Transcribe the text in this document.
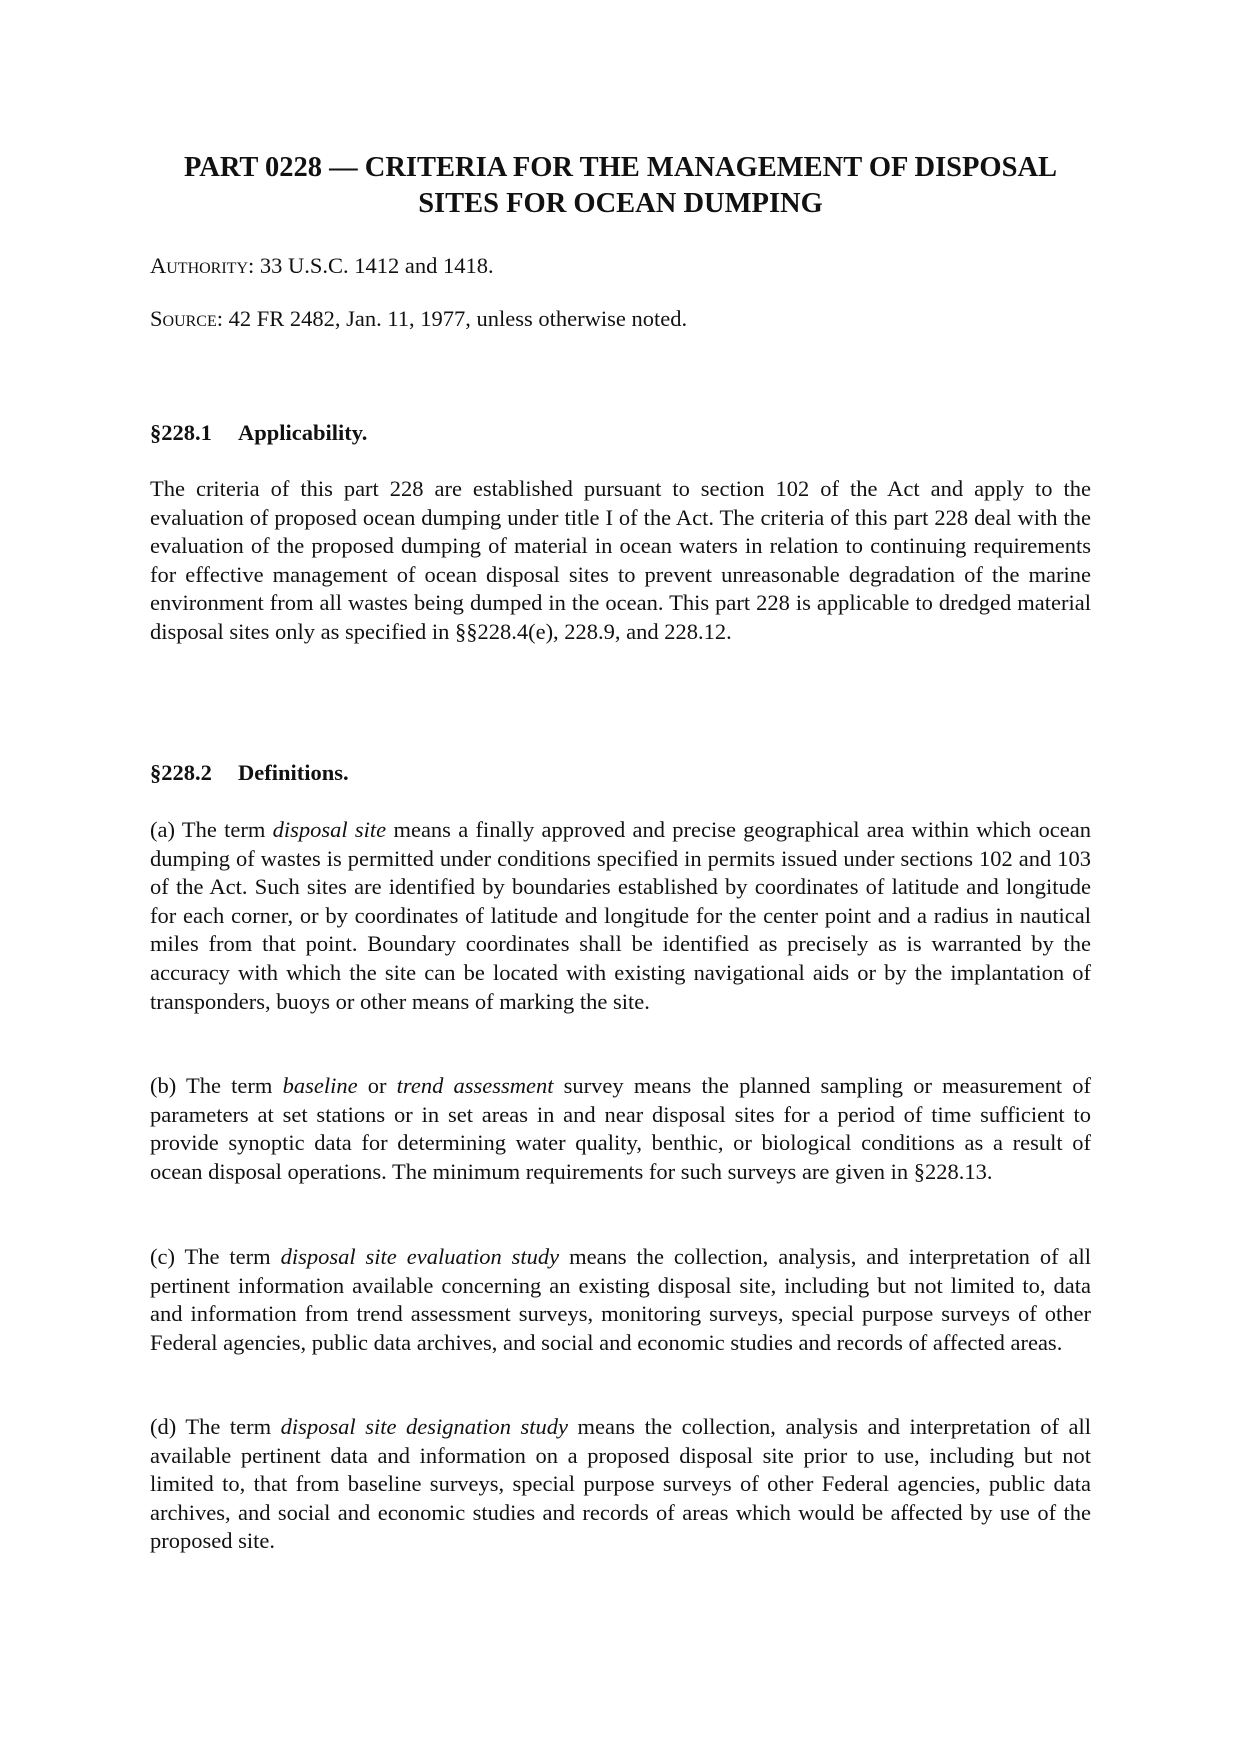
PART 0228 — CRITERIA FOR THE MANAGEMENT OF DISPOSAL
SITES FOR OCEAN DUMPING

Authority: 33 U.S.C. 1412 and 1418.

Source: 42 FR 2482, Jan. 11, 1977, unless otherwise noted.

§228.1 Applicability.

The criteria of this part 228 are established pursuant to section 102 of the Act and apply to the evaluation of proposed ocean dumping under title I of the Act. The criteria of this part 228 deal with the evaluation of the proposed dumping of material in ocean waters in relation to continuing requirements for effective management of ocean disposal sites to prevent unreasonable degradation of the marine environment from all wastes being dumped in the ocean. This part 228 is applicable to dredged material disposal sites only as specified in §§228.4(e), 228.9, and 228.12.

§228.2 Definitions.

(a) The term disposal site means a finally approved and precise geographical area within which ocean dumping of wastes is permitted under conditions specified in permits issued under sections 102 and 103 of the Act. Such sites are identified by boundaries established by coordinates of latitude and longitude for each corner, or by coordinates of latitude and longitude for the center point and a radius in nautical miles from that point. Boundary coordinates shall be identified as precisely as is warranted by the accuracy with which the site can be located with existing navigational aids or by the implantation of transponders, buoys or other means of marking the site.

(b) The term baseline or trend assessment survey means the planned sampling or measurement of parameters at set stations or in set areas in and near disposal sites for a period of time sufficient to provide synoptic data for determining water quality, benthic, or biological conditions as a result of ocean disposal operations. The minimum requirements for such surveys are given in §228.13.

(c) The term disposal site evaluation study means the collection, analysis, and interpretation of all pertinent information available concerning an existing disposal site, including but not limited to, data and information from trend assessment surveys, monitoring surveys, special purpose surveys of other Federal agencies, public data archives, and social and economic studies and records of affected areas.

(d) The term disposal site designation study means the collection, analysis and interpretation of all available pertinent data and information on a proposed disposal site prior to use, including but not limited to, that from baseline surveys, special purpose surveys of other Federal agencies, public data archives, and social and economic studies and records of areas which would be affected by use of the proposed site.
